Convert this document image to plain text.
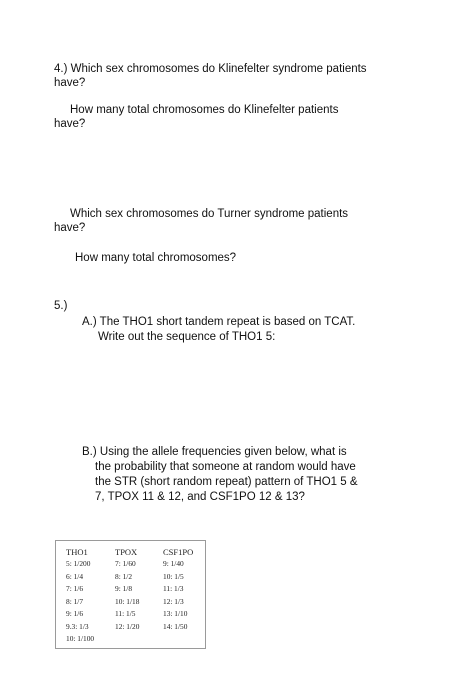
4.) Which sex chromosomes do Klinefelter syndrome patients
have?
How many total chromosomes do Klinefelter patients
have?
Which sex chromosomes do Turner syndrome patients
have?
How many total chromosomes?
5.)
A.) The THO1 short tandem repeat is based on TCAT.
Write out the sequence of THO1 5:
B.) Using the allele frequencies given below, what is
the probability that someone at random would have
the STR (short random repeat) pattern of THO1 5 &
7, TPOX 11 & 12, and CSF1PO 12 & 13?
THO1
5: 1/200
6: 1/4
7: 1/6
8: 1/7
9: 1/6
9.3: 1/3
10: 1/100
TPOX
7: 1/60
8: 1/2
9: 1/8
10: 1/18
11: 1/5
12: 1/20
CSF1PO
9: 1/40
10: 1/5
11: 1/3
12: 1/3
13: 1/10
14: 1/50
